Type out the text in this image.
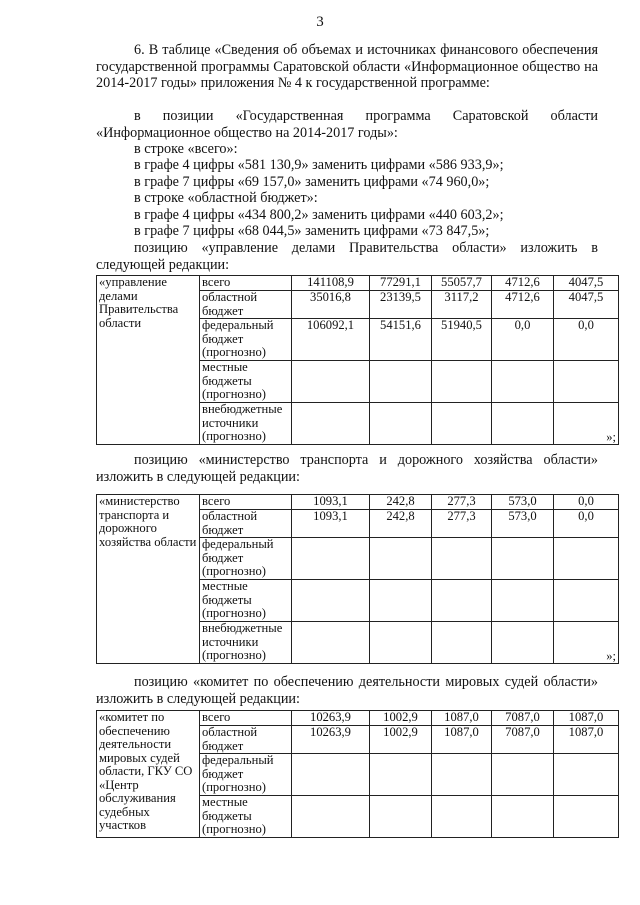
3

6. В таблице «Сведения об объемах и источниках финансового обеспечения государственной программы Саратовской области «Информационное общество на 2014-2017 годы» приложения № 4 к государственной программе:

в позиции «Государственная программа Саратовской области «Информационное общество на 2014-2017 годы»:

в строке «всего»:

в графе 4 цифры «581 130,9» заменить цифрами «586 933,9»;

в графе 7 цифры «69 157,0» заменить цифрами «74 960,0»;

в строке «областной бюджет»:

в графе 4 цифры «434 800,2» заменить цифрами «440 603,2»;

в графе 7 цифры «68 044,5» заменить цифрами «73 847,5»;

позицию «управление делами Правительства области» изложить в следующей редакции:

«управление делами Правительства области	всего	141108,9	77291,1	55057,7	4712,6	4047,5
	областной бюджет	35016,8	23139,5	3117,2	4712,6	4047,5
	федеральный бюджет (прогнозно)	106092,1	54151,6	51940,5	0,0	0,0
	местные бюджеты (прогнозно)					
	внебюджетные источники (прогнозно)					»;

позицию «министерство транспорта и дорожного хозяйства области» изложить в следующей редакции:

«министерство транспорта и дорожного хозяйства области	всего	1093,1	242,8	277,3	573,0	0,0
	областной бюджет	1093,1	242,8	277,3	573,0	0,0
	федеральный бюджет (прогнозно)					
	местные бюджеты (прогнозно)					
	внебюджетные источники (прогнозно)					»;

позицию «комитет по обеспечению деятельности мировых судей области» изложить в следующей редакции:

«комитет по обеспечению деятельности мировых судей области, ГКУ СО «Центр обслуживания судебных участков	всего	10263,9	1002,9	1087,0	7087,0	1087,0
	областной бюджет	10263,9	1002,9	1087,0	7087,0	1087,0
	федеральный бюджет (прогнозно)					
	местные бюджеты (прогнозно)					
